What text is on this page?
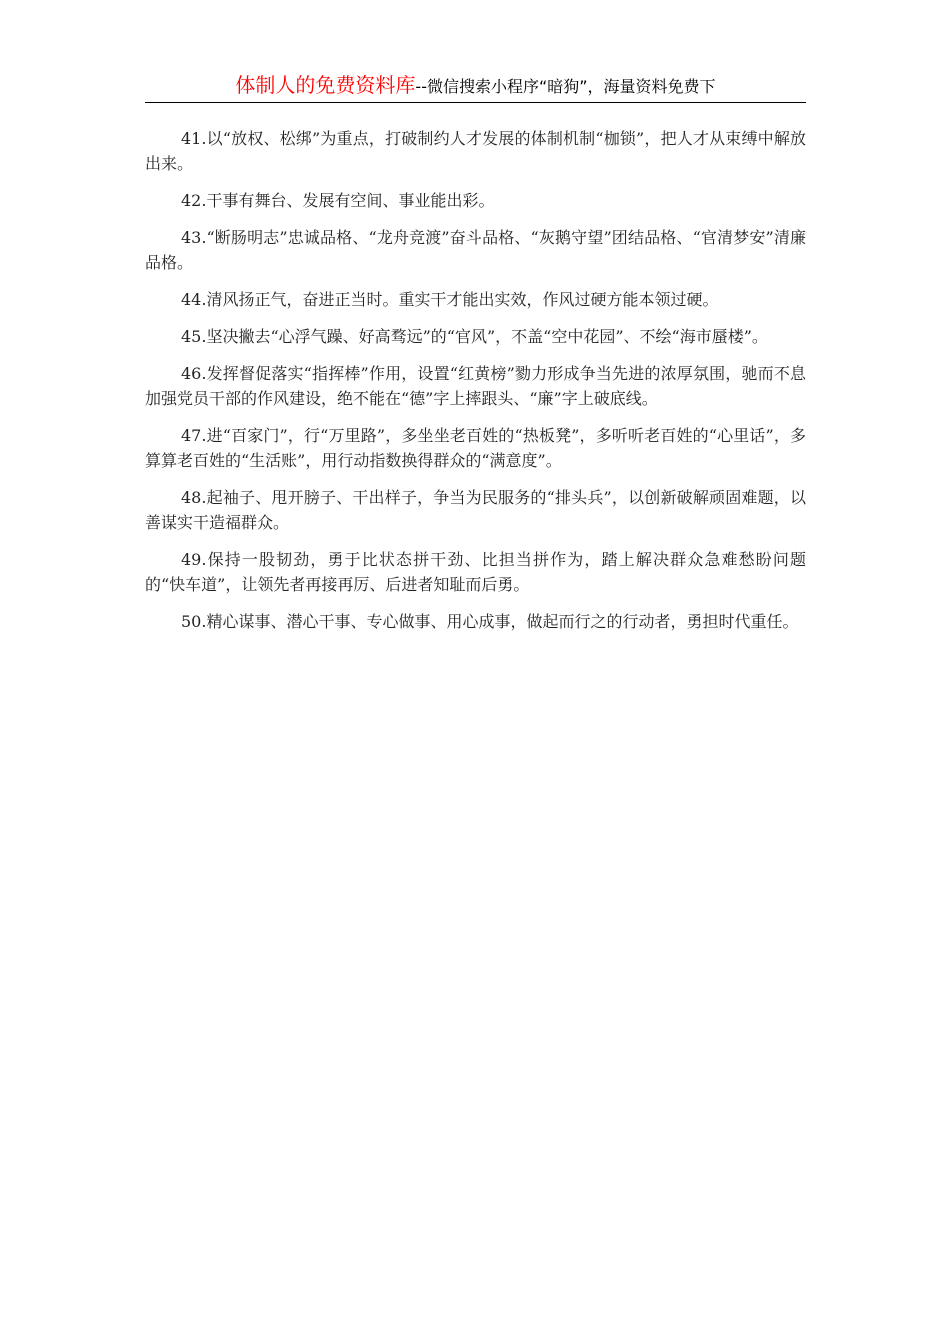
体制人的免费资料库--微信搜索小程序“暗狗”，海量资料免费下

41.以“放权、松绑”为重点，打破制约人才发展的体制机制“枷锁”，把人才从束缚中解放出来。

42.干事有舞台、发展有空间、事业能出彩。

43.“断肠明志”忠诚品格、“龙舟竞渡”奋斗品格、“灰鹅守望”团结品格、“官清梦安”清廉品格。

44.清风扬正气，奋进正当时。重实干才能出实效，作风过硬方能本领过硬。

45.坚决撇去“心浮气躁、好高骛远”的“官风”，不盖“空中花园”、不绘“海市蜃楼”。

46.发挥督促落实“指挥棒”作用，设置“红黄榜”勠力形成争当先进的浓厚氛围，驰而不息加强党员干部的作风建设，绝不能在“德”字上摔跟头、“廉”字上破底线。

47.进“百家门”，行“万里路”，多坐坐老百姓的“热板凳”，多听听老百姓的“心里话”，多算算老百姓的“生活账”，用行动指数换得群众的“满意度”。

48.起袖子、甩开膀子、干出样子，争当为民服务的“排头兵”，以创新破解顽固难题，以善谋实干造福群众。

49.保持一股韧劲，勇于比状态拼干劲、比担当拼作为，踏上解决群众急难愁盼问题的“快车道”，让领先者再接再厉、后进者知耻而后勇。

50.精心谋事、潜心干事、专心做事、用心成事，做起而行之的行动者，勇担时代重任。
